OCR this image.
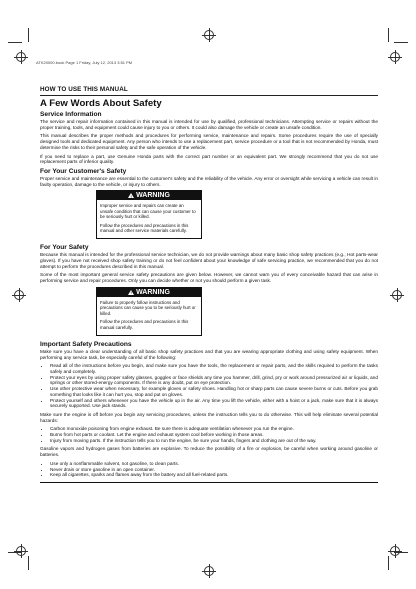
ATK20000.book Page 1 Friday, July 12, 2013 3:51 PM
HOW TO USE THIS MANUAL
A Few Words About Safety
Service Information

The service and repair information contained in this manual is intended for use by qualified, professional technicians. Attempting service or repairs without the proper training, tools, and equipment could cause injury to you or others. It could also damage the vehicle or create an unsafe condition.

This manual describes the proper methods and procedures for performing service, maintenance and repairs. Some procedures require the use of specially designed tools and dedicated equipment. Any person who intends to use a replacement part, service procedure or a tool that is not recommended by Honda, must determine the risks to their personal safety and the safe operation of the vehicle.

If you need to replace a part, use Genuine Honda parts with the correct part number or an equivalent part. We strongly recommend that you do not use replacement parts of inferior quality.

For Your Customer's Safety

Proper service and maintenance are essential to the customer's safety and the reliability of the vehicle. Any error or oversight while servicing a vehicle can result in faulty operation, damage to the vehicle, or injury to others.

! WARNING

Improper service and repairs can create an unsafe condition that can cause your customer to be seriously hurt or killed.

Follow the procedures and precautions in this manual and other service materials carefully.

For Your Safety

Because this manual is intended for the professional service technician, we do not provide warnings about many basic shop safety practices (e.g., Hot parts-wear gloves). If you have not received shop safety training or do not feel confident about your knowledge of safe servicing practice, we recommended that you do not attempt to perform the procedures described in this manual.

Some of the most important general service safety precautions are given below. However, we cannot warn you of every conceivable hazard that can arise in performing service and repair procedures. Only you can decide whether or not you should perform a given task.

! WARNING

Failure to properly follow instructions and precautions can cause you to be seriously hurt or killed.

Follow the procedures and precautions in this manual carefully.

Important Safety Precautions

Make sure you have a clear understanding of all basic shop safety practices and that you are wearing appropriate clothing and using safety equipment. When performing any service task, be especially careful of the following:

• Read all of the instructions before you begin, and make sure you have the tools, the replacement or repair parts, and the skills required to perform the tasks safely and completely.
• Protect your eyes by using proper safety glasses, goggles or face shields any time you hammer, drill, grind, pry or work around pressurized air or liquids, and springs or other stored-energy components. If there is any doubt, put on eye protection.
• Use other protective wear when necessary, for example gloves or safety shoes. Handling hot or sharp parts can cause severe burns or cuts. Before you grab something that looks like it can hurt you, stop and put on gloves.
• Protect yourself and others whenever you have the vehicle up in the air. Any time you lift the vehicle, either with a hoist or a jack, make sure that it is always securely supported. Use jack stands.

Make sure the engine is off before you begin any servicing procedures, unless the instruction tells you to do otherwise. This will help eliminate several potential hazards:

• Carbon monoxide poisoning from engine exhaust. Be sure there is adequate ventilation whenever you run the engine.
• Burns from hot parts or coolant. Let the engine and exhaust system cool before working in those areas.
• Injury from moving parts. If the instruction tells you to run the engine, be sure your hands, fingers and clothing are out of the way.

Gasoline vapors and hydrogen gases from batteries are explosive. To reduce the possibility of a fire or explosion, be careful when working around gasoline or batteries.

• Use only a nonflammable solvent, not gasoline, to clean parts.
• Never drain or store gasoline in an open container.
• Keep all cigarettes, sparks and flames away from the battery and all fuel-related parts.
